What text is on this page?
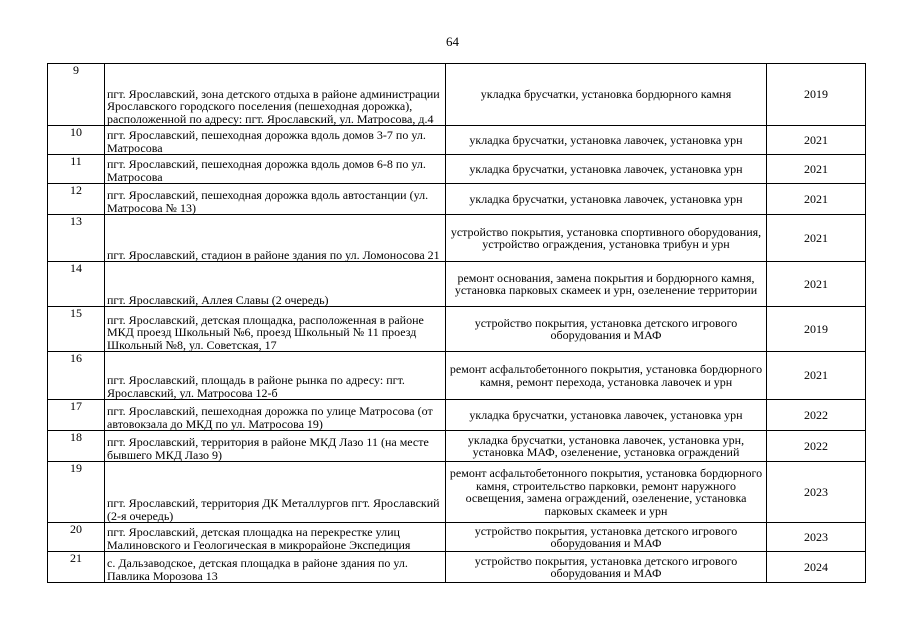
64
9	пгт. Ярославский, зона детского отдыха в районе администрации Ярославского городского поселения (пешеходная дорожка), расположенной по адресу: пгт. Ярославский, ул. Матросова, д.4	укладка брусчатки, установка бордюрного камня	2019
10	пгт. Ярославский, пешеходная дорожка вдоль домов 3-7 по ул. Матросова	укладка брусчатки, установка лавочек, установка урн	2021
11	пгт. Ярославский, пешеходная дорожка вдоль домов 6-8 по ул. Матросова	укладка брусчатки, установка лавочек, установка урн	2021
12	пгт. Ярославский, пешеходная дорожка вдоль автостанции (ул. Матросова № 13)	укладка брусчатки, установка лавочек, установка урн	2021
13	пгт. Ярославский, стадион в районе здания по ул. Ломоносова 21	устройство покрытия, установка спортивного оборудования, устройство ограждения, установка трибун и урн	2021
14	пгт. Ярославский, Аллея Славы (2 очередь)	ремонт основания, замена покрытия и бордюрного камня, установка парковых скамеек и урн, озеленение территории	2021
15	пгт. Ярославский, детская площадка, расположенная в районе МКД проезд Школьный №6, проезд Школьный № 11 проезд Школьный №8, ул. Советская, 17	устройство покрытия, установка детского игрового оборудования и МАФ	2019
16	пгт. Ярославский, площадь в районе рынка по адресу: пгт. Ярославский, ул. Матросова 12-б	ремонт асфальтобетонного покрытия, установка бордюрного камня, ремонт перехода, установка лавочек и урн	2021
17	пгт. Ярославский, пешеходная дорожка по улице Матросова (от автовокзала до МКД по ул. Матросова 19)	укладка брусчатки, установка лавочек, установка урн	2022
18	пгт. Ярославский, территория в районе МКД Лазо 11 (на месте бывшего МКД Лазо 9)	укладка брусчатки, установка лавочек, установка урн, установка МАФ, озеленение, установка ограждений	2022
19	пгт. Ярославский, территория ДК Металлургов пгт. Ярославский (2-я очередь)	ремонт асфальтобетонного покрытия, установка бордюрного камня, строительство парковки, ремонт наружного освещения, замена ограждений, озеленение, установка парковых скамеек и урн	2023
20	пгт. Ярославский, детская площадка на перекрестке улиц Малиновского и Геологическая в микрорайоне Экспедиция	устройство покрытия, установка детского игрового оборудования и МАФ	2023
21	с. Дальзаводское, детская площадка в районе здания по ул. Павлика Морозова 13	устройство покрытия, установка детского игрового оборудования и МАФ	2024
